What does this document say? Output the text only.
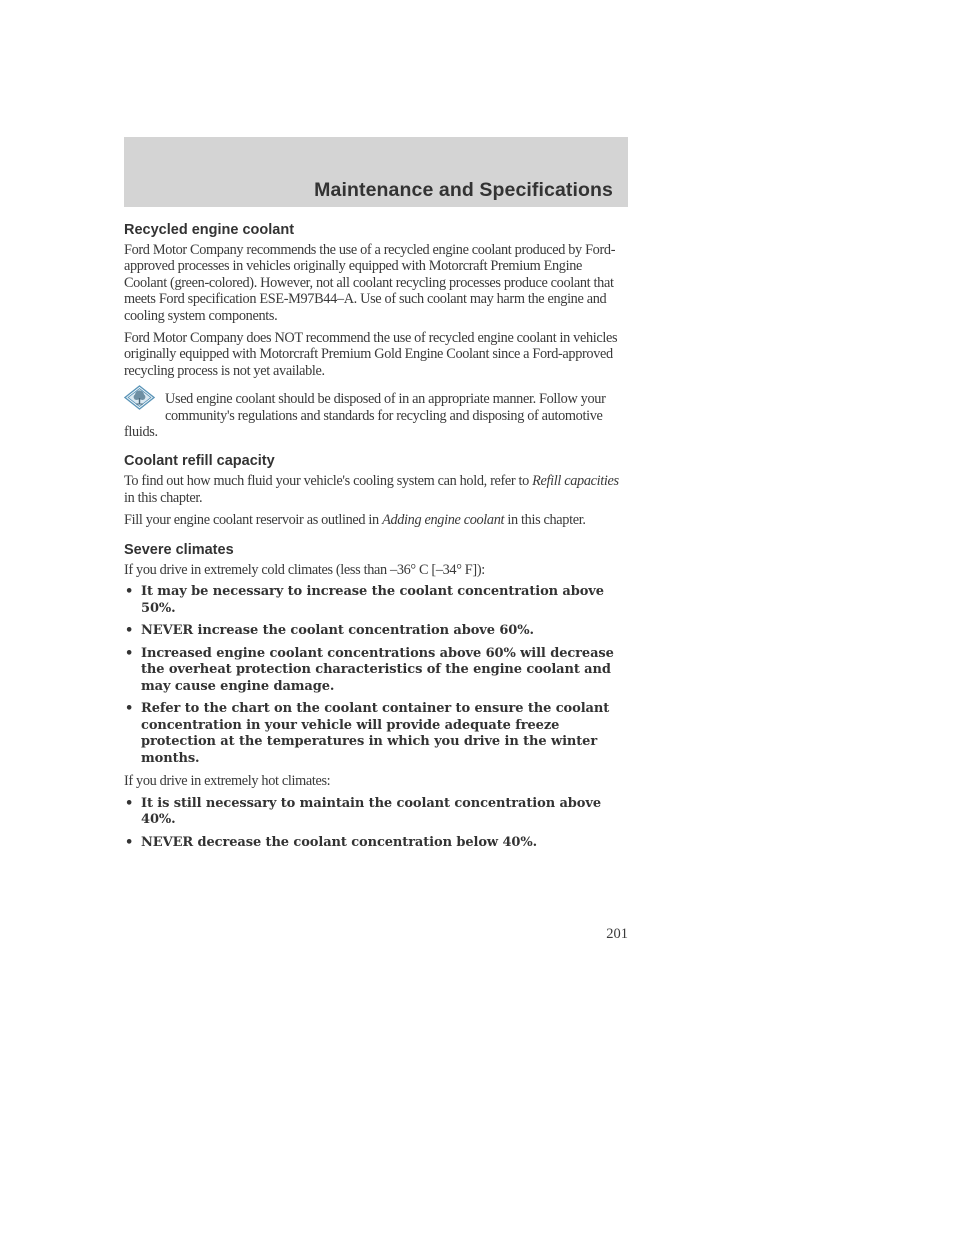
Maintenance and Specifications
Recycled engine coolant

Ford Motor Company recommends the use of a recycled engine coolant produced by Ford-approved processes in vehicles originally equipped with Motorcraft Premium Engine Coolant (green-colored). However, not all coolant recycling processes produce coolant that meets Ford specification ESE-M97B44–A. Use of such coolant may harm the engine and cooling system components.

Ford Motor Company does NOT recommend the use of recycled engine coolant in vehicles originally equipped with Motorcraft Premium Gold Engine Coolant since a Ford-approved recycling process is not yet available.

Used engine coolant should be disposed of in an appropriate manner. Follow your community's regulations and standards for recycling and disposing of automotive fluids.

Coolant refill capacity

To find out how much fluid your vehicle's cooling system can hold, refer to Refill capacities in this chapter.

Fill your engine coolant reservoir as outlined in Adding engine coolant in this chapter.

Severe climates

If you drive in extremely cold climates (less than –36° C [–34° F]):

• It may be necessary to increase the coolant concentration above 50%.
• NEVER increase the coolant concentration above 60%.
• Increased engine coolant concentrations above 60% will decrease the overheat protection characteristics of the engine coolant and may cause engine damage.
• Refer to the chart on the coolant container to ensure the coolant concentration in your vehicle will provide adequate freeze protection at the temperatures in which you drive in the winter months.

If you drive in extremely hot climates:

• It is still necessary to maintain the coolant concentration above 40%.
• NEVER decrease the coolant concentration below 40%.
201
